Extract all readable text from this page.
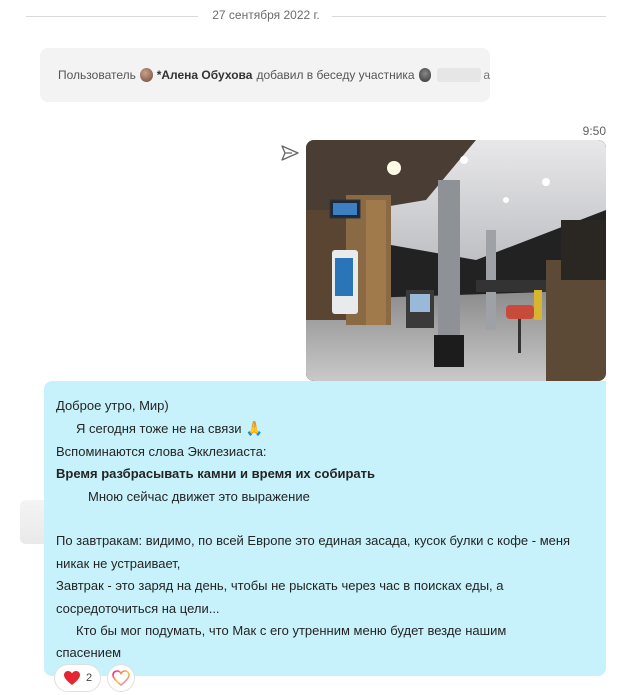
27 сентября 2022 г.
Пользователь *Алена Обухова добавил в беседу участника	a
9:50

Доброе утро, Мир)

Я сегодня тоже не на связи 🙏

Вспоминаются слова Экклезиаста:

Время разбрасывать камни и время их собирать

Мною сейчас движет это выражение

По завтракам: видимо, по всей Европе это единая засада, кусок булки с кофе - меня

никак не устраивает,

Завтрак - это заряд на день, чтобы не рыскать через час в поисках еды, а

сосредоточиться на цели...

Кто бы мог подумать, что Мак с его утренним меню будет везде нашим

спасением

2
